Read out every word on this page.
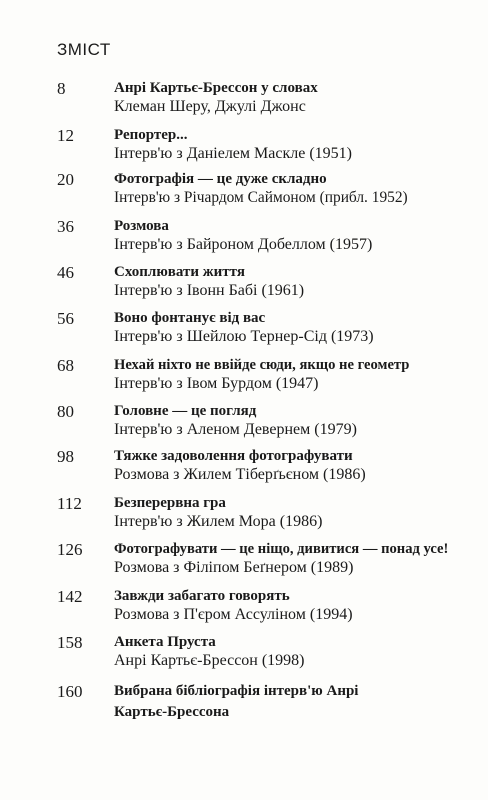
ЗМІСТ
8	Анрі Картьє-Брессон у словах
Клеман Шеру, Джулі Джонс
12	Репортер...
Інтерв'ю з Даніелем Маскле (1951)
20	Фотографія — це дуже складно
Інтерв'ю з Річардом Саймоном (прибл. 1952)
36	Розмова
Інтерв'ю з Байроном Добеллом (1957)
46	Схоплювати життя
Інтерв'ю з Івонн Бабі (1961)
56	Воно фонтанує від вас
Інтерв'ю з Шейлою Тернер-Сід (1973)
68	Нехай ніхто не ввійде сюди, якщо не геометр
Інтерв'ю з Івом Бурдом (1947)
80	Головне — це погляд
Інтерв'ю з Аленом Девернем (1979)
98	Тяжке задоволення фотографувати
Розмова з Жилем Тіберґьєном (1986)
112 Безперервна гра
Інтерв'ю з Жилем Мора (1986)
126 Фотографувати — це ніщо, дивитися — понад усе!
Розмова з Філіпом Беґнером (1989)
142 Завжди забагато говорять
Розмова з П'єром Ассуліном (1994)
158 Анкета Пруста
Анрі Картьє-Брессон (1998)
160 Вибрана бібліографія інтерв'ю Анрі
Картьє-Брессона
